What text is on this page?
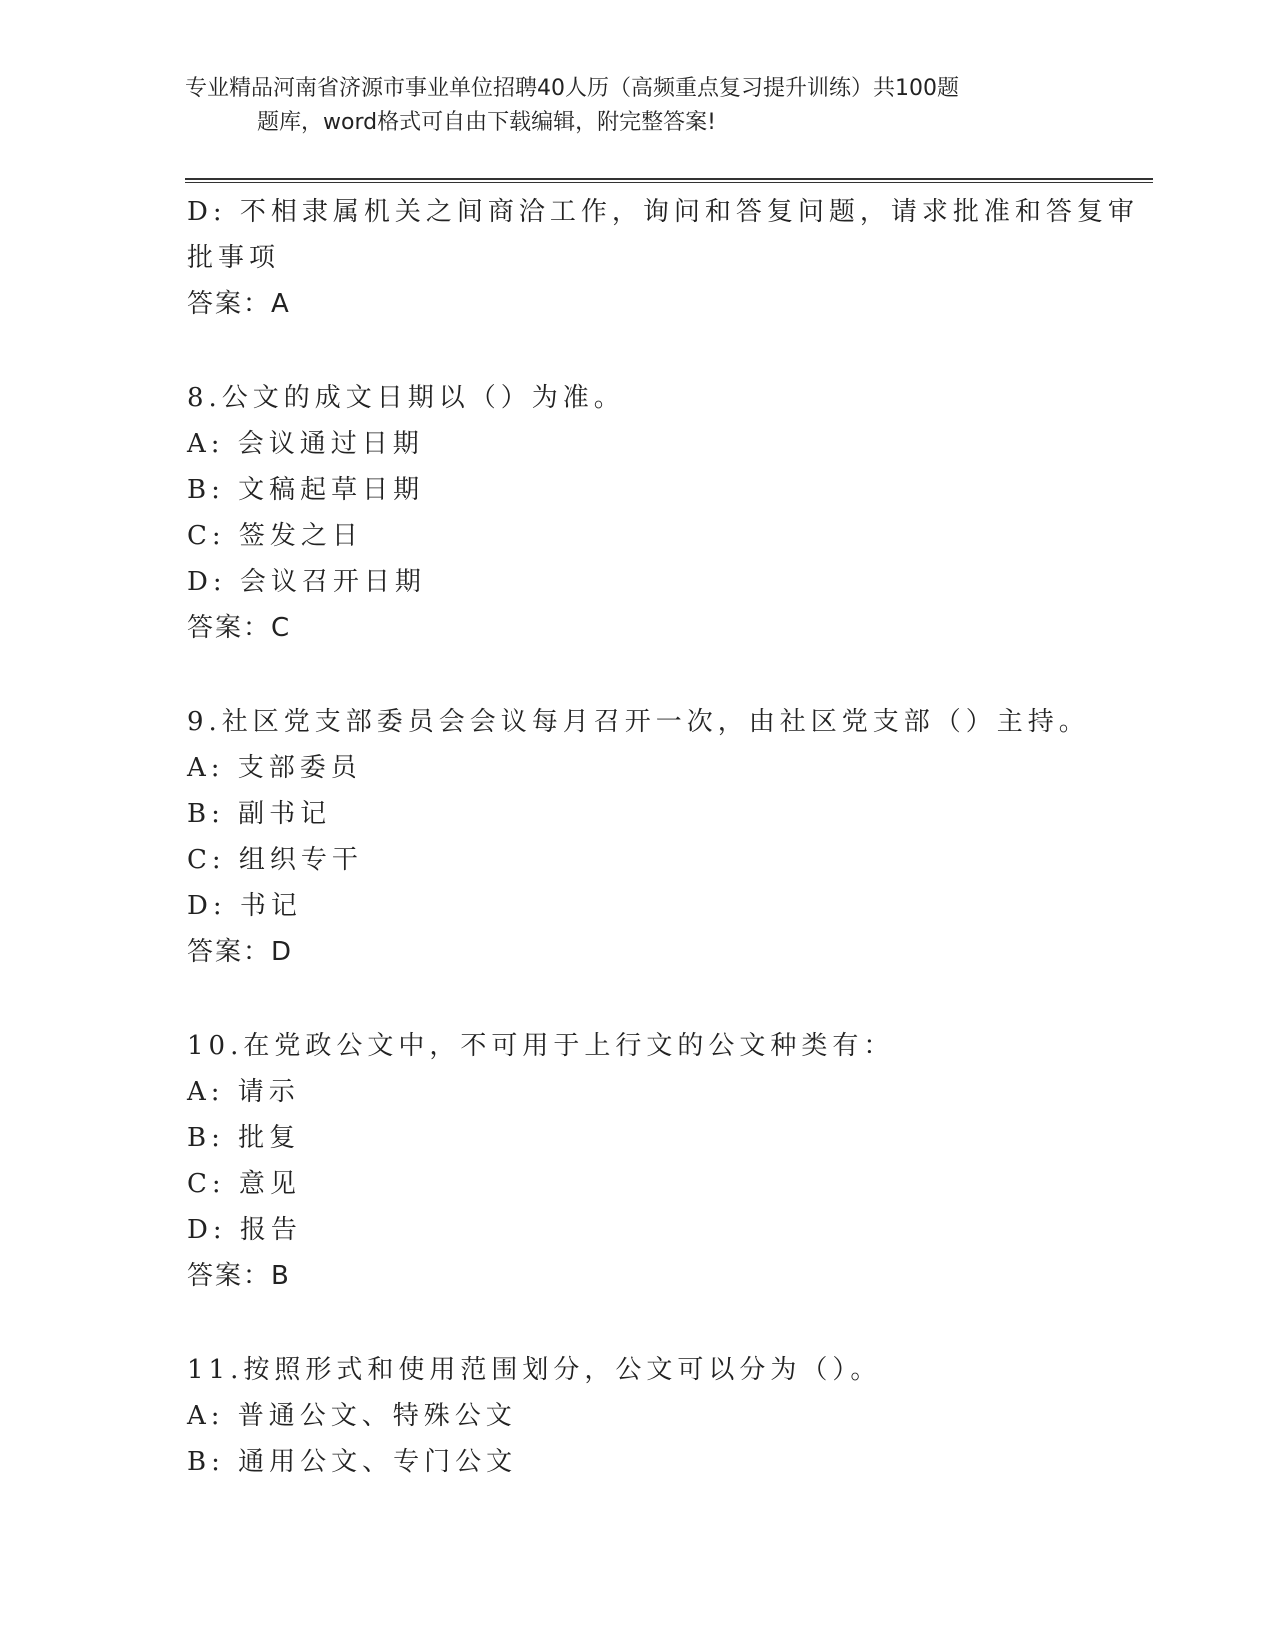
专业精品河南省济源市事业单位招聘40人历（高频重点复习提升训练）共100题
题库，word格式可自由下载编辑，附完整答案!
D: 不相隶属机关之间商洽工作，询问和答复问题，请求批准和答复审
批事项
答案：A
8.公文的成文日期以（）为准。
A: 会议通过日期
B: 文稿起草日期
C: 签发之日
D: 会议召开日期
答案：C
9.社区党支部委员会会议每月召开一次，由社区党支部（）主持。
A: 支部委员
B: 副书记
C: 组织专干
D: 书记
答案：D
10.在党政公文中，不可用于上行文的公文种类有：
A: 请示
B: 批复
C: 意见
D: 报告
答案：B
11.按照形式和使用范围划分，公文可以分为（）。
A: 普通公文、特殊公文
B: 通用公文、专门公文
